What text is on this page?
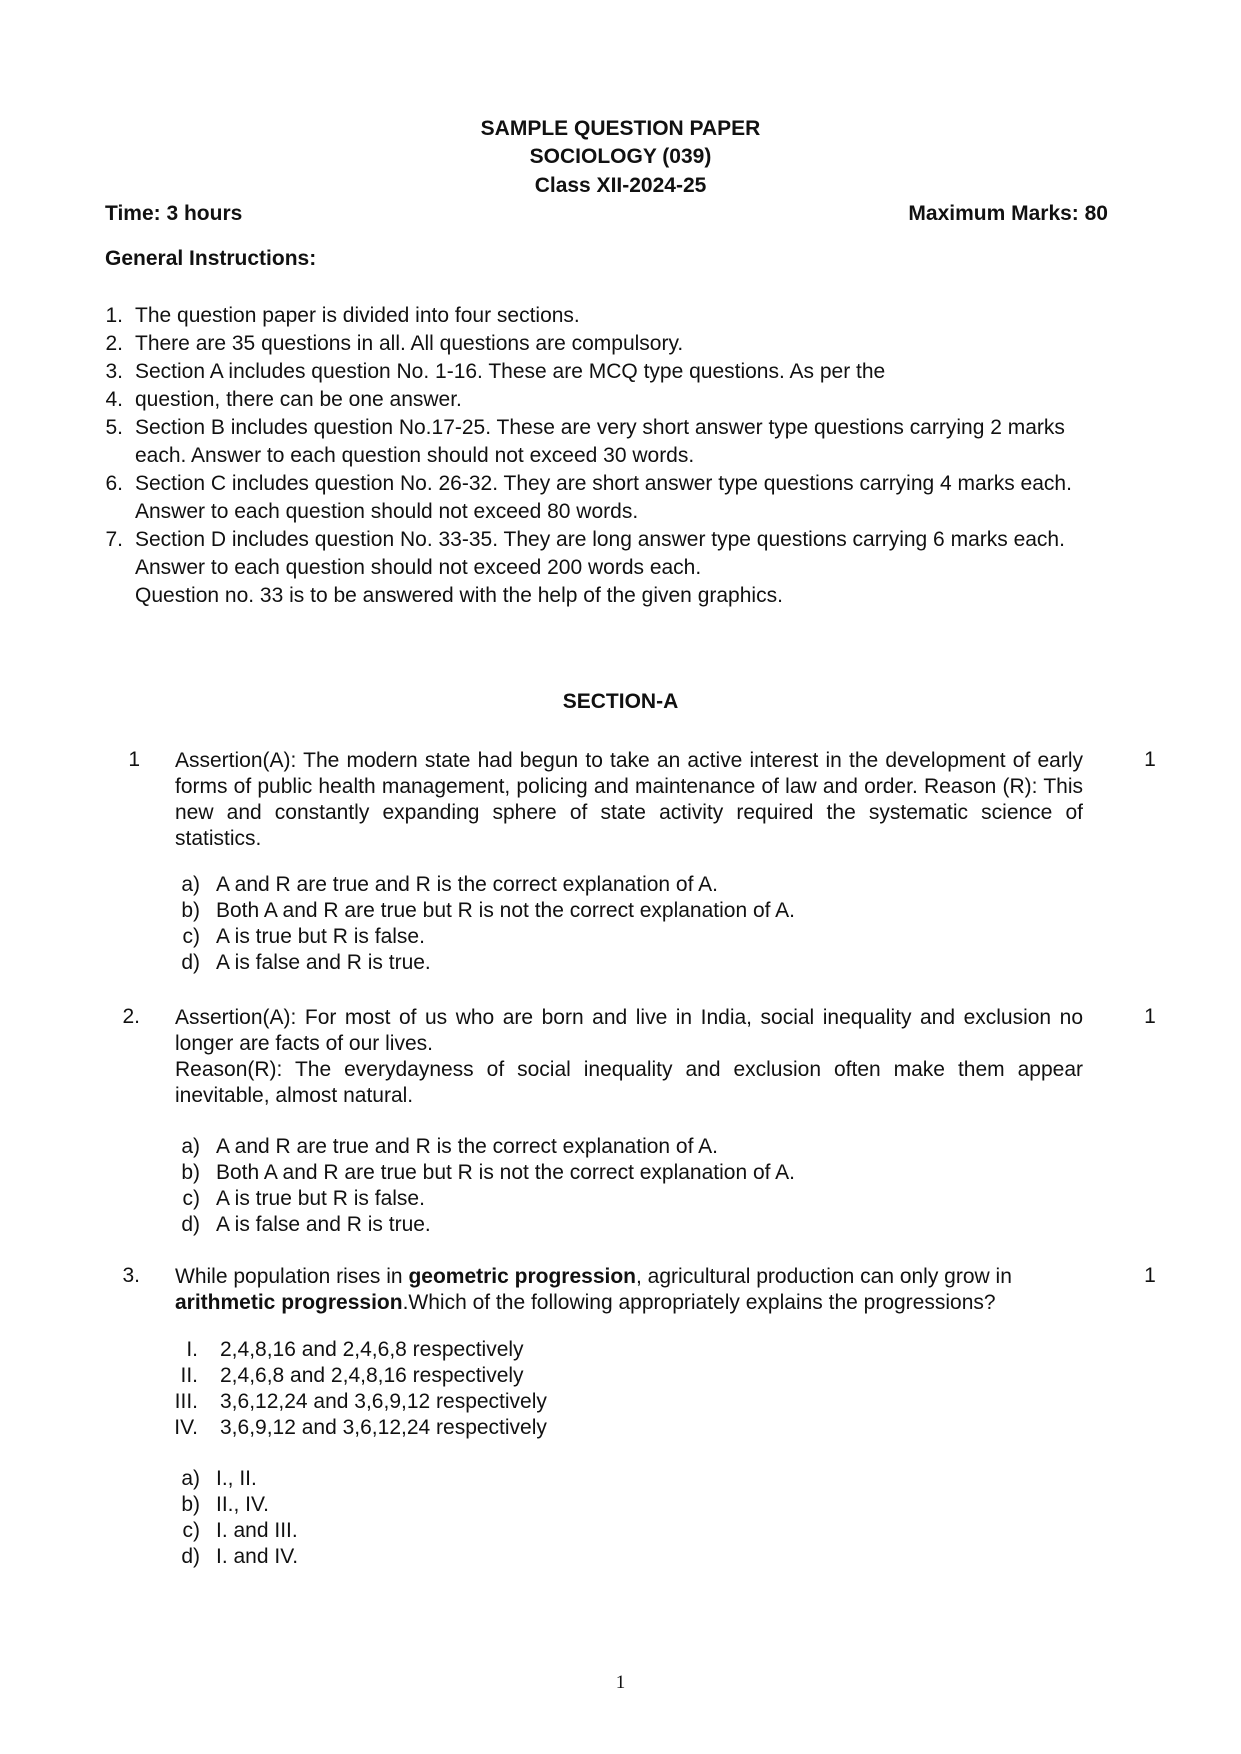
SAMPLE QUESTION PAPER
SOCIOLOGY (039)
Class XII-2024-25
Time: 3 hours	Maximum Marks: 80
General Instructions:
1. The question paper is divided into four sections.
2. There are 35 questions in all. All questions are compulsory.
3. Section A includes question No. 1-16. These are MCQ type questions. As per the
4. question, there can be one answer.
5. Section B includes question No.17-25. These are very short answer type questions carrying 2 marks
each. Answer to each question should not exceed 30 words.
6. Section C includes question No. 26-32. They are short answer type questions carrying 4 marks each.
Answer to each question should not exceed 80 words.
7. Section D includes question No. 33-35. They are long answer type questions carrying 6 marks each.
Answer to each question should not exceed 200 words each.
Question no. 33 is to be answered with the help of the given graphics.
SECTION-A
1	1
Assertion(A): The modern state had begun to take an active interest in the development of early forms of public health management, policing and maintenance of law and order. Reason (R): This new and constantly expanding sphere of state activity required the systematic science of statistics.
a) A and R are true and R is the correct explanation of A.
b) Both A and R are true but R is not the correct explanation of A.
c) A is true but R is false.
d) A is false and R is true.
2.	1
Assertion(A): For most of us who are born and live in India, social inequality and exclusion no longer are facts of our lives.
Reason(R): The everydayness of social inequality and exclusion often make them appear inevitable, almost natural.
a) A and R are true and R is the correct explanation of A.
b) Both A and R are true but R is not the correct explanation of A.
c) A is true but R is false.
d) A is false and R is true.
3.	1
While population rises in geometric progression, agricultural production can only grow in arithmetic progression.Which of the following appropriately explains the progressions?
I. 2,4,8,16 and 2,4,6,8 respectively
II. 2,4,6,8 and 2,4,8,16 respectively
III. 3,6,12,24 and 3,6,9,12 respectively
IV. 3,6,9,12 and 3,6,12,24 respectively
a) I., II.
b) II., IV.
c) I. and III.
d) I. and IV.
1
